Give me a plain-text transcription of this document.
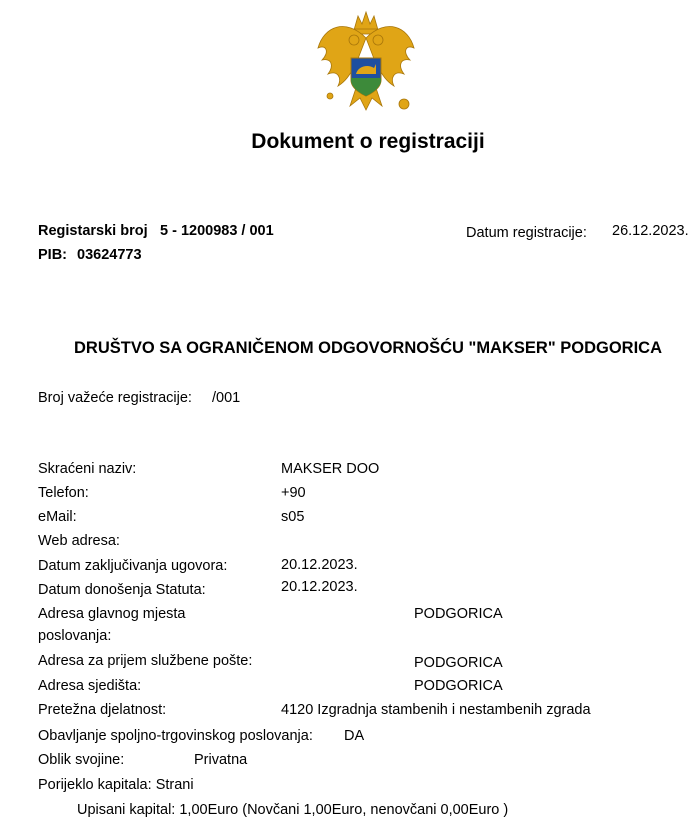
Dokument o registraciji
Registarski broj 5 - 1200983 / 001
PIB: 03624773
Datum registracije: 26.12.2023.
DRUŠTVO SA OGRANIČENOM ODGOVORNOŠĆU "MAKSER" PODGORICA
Broj važeće registracije: /001
Skraćeni naziv:	MAKSER DOO
Telefon:	+90
eMail:	s05
Web adresa:
Datum zaključivanja ugovora:	20.12.2023.
Datum donošenja Statuta:	20.12.2023.
Adresa glavnog mjesta
poslovanja:
PODGORICA
Adresa za prijem službene pošte:	PODGORICA
Adresa sjedišta:	PODGORICA
Pretežna djelatnost:	4120 Izgradnja stambenih i nestambenih zgrada
Obavljanje spoljno-trgovinskog poslovanja: DA
Oblik svojine:	Privatna
Porijeklo kapitala: Strani
Upisani kapital: 1,00Euro (Novčani 1,00Euro, nenovčani 0,00Euro )
